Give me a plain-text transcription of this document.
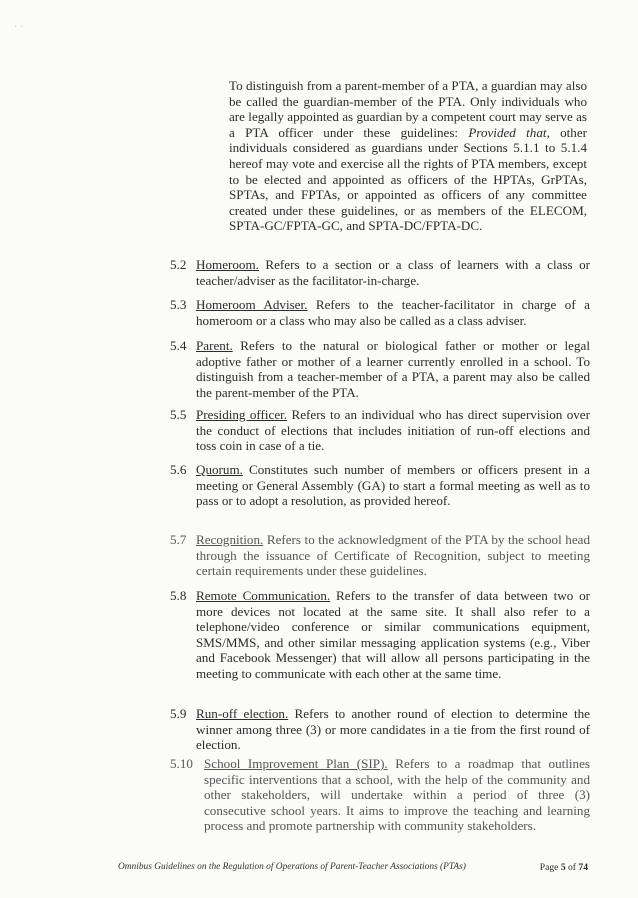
· ·
To distinguish from a parent-member of a PTA, a guardian may also be called the guardian-member of the PTA. Only individuals who are legally appointed as guardian by a competent court may serve as a PTA officer under these guidelines: Provided that, other individuals considered as guardians under Sections 5.1.1 to 5.1.4 hereof may vote and exercise all the rights of PTA members, except to be elected and appointed as officers of the HPTAs, GrPTAs, SPTAs, and FPTAs, or appointed as officers of any committee created under these guidelines, or as members of the ELECOM, SPTA-GC/FPTA-GC, and SPTA-DC/FPTA-DC.
5.2 Homeroom. Refers to a section or a class of learners with a class or teacher/adviser as the facilitator-in-charge.
5.3 Homeroom Adviser. Refers to the teacher-facilitator in charge of a homeroom or a class who may also be called as a class adviser.
5.4 Parent. Refers to the natural or biological father or mother or legal adoptive father or mother of a learner currently enrolled in a school. To distinguish from a teacher-member of a PTA, a parent may also be called the parent-member of the PTA.
5.5 Presiding officer. Refers to an individual who has direct supervision over the conduct of elections that includes initiation of run-off elections and toss coin in case of a tie.
5.6 Quorum. Constitutes such number of members or officers present in a meeting or General Assembly (GA) to start a formal meeting as well as to pass or to adopt a resolution, as provided hereof.
5.7 Recognition. Refers to the acknowledgment of the PTA by the school head through the issuance of Certificate of Recognition, subject to meeting certain requirements under these guidelines.
5.8 Remote Communication. Refers to the transfer of data between two or more devices not located at the same site. It shall also refer to a telephone/video conference or similar communications equipment, SMS/MMS, and other similar messaging application systems (e.g., Viber and Facebook Messenger) that will allow all persons participating in the meeting to communicate with each other at the same time.
5.9 Run-off election. Refers to another round of election to determine the winner among three (3) or more candidates in a tie from the first round of election.
5.10 School Improvement Plan (SIP). Refers to a roadmap that outlines specific interventions that a school, with the help of the community and other stakeholders, will undertake within a period of three (3) consecutive school years. It aims to improve the teaching and learning process and promote partnership with community stakeholders.
Omnibus Guidelines on the Regulation of Operations of Parent-Teacher Associations (PTAs)	Page 5 of 74
